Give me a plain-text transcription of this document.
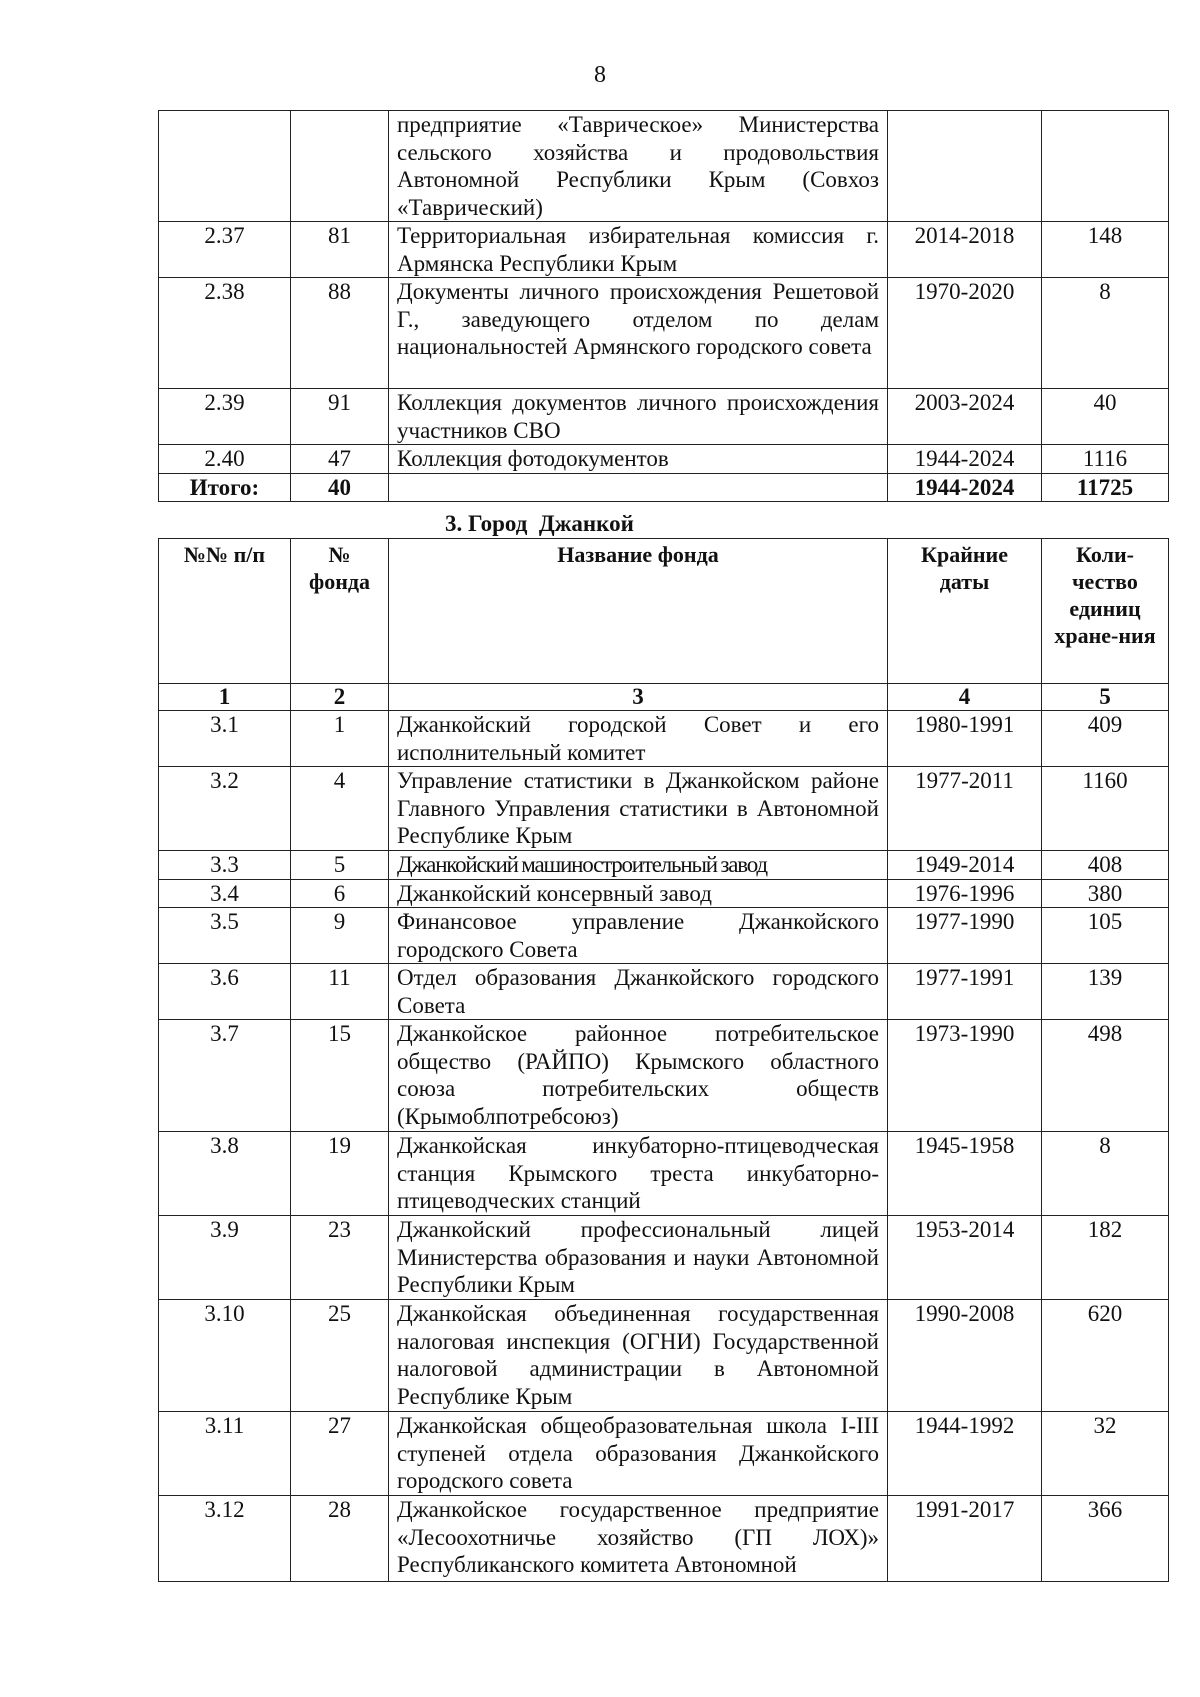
8
		предприятие «Таврическое» Министерства сельского хозяйства и продовольствия Автономной Республики Крым (Совхоз «Таврический)		
2.37	81	Территориальная избирательная комиссия г. Армянска Республики Крым	2014-2018	148
2.38	88	Документы личного происхождения Решетовой Г., заведующего отделом по делам национальностей Армянского городского совета	1970-2020	8
2.39	91	Коллекция документов личного происхождения участников СВО	2003-2024	40
2.40	47	Коллекция фотодокументов	1944-2024	1116
Итого:	40		1944-2024	11725
3. Город  Джанкой
№№ п/п	№ фонда	Название фонда	Крайние даты	Коли-чество единиц хране-ния
1	2	3	4	5
3.1	1	Джанкойский городской Совет и его исполнительный комитет	1980-1991	409
3.2	4	Управление статистики в Джанкойском районе Главного Управления статистики в Автономной Республике Крым	1977-2011	1160
3.3	5	Джанкойский машиностроительный завод	1949-2014	408
3.4	6	Джанкойский консервный завод	1976-1996	380
3.5	9	Финансовое управление Джанкойского городского Совета	1977-1990	105
3.6	11	Отдел образования Джанкойского городского Совета	1977-1991	139
3.7	15	Джанкойское районное потребительское общество (РАЙПО) Крымского областного союза потребительских обществ (Крымоблпотребсоюз)	1973-1990	498
3.8	19	Джанкойская инкубаторно-птицеводческая станция Крымского треста инкубаторно-птицеводческих станций	1945-1958	8
3.9	23	Джанкойский профессиональный лицей Министерства образования и науки Автономной Республики Крым	1953-2014	182
3.10	25	Джанкойская объединенная государственная налоговая инспекция (ОГНИ) Государственной налоговой администрации в Автономной Республике Крым	1990-2008	620
3.11	27	Джанкойская общеобразовательная школа I-III ступеней отдела образования Джанкойского городского совета	1944-1992	32
3.12	28	Джанкойское государственное предприятие «Лесоохотничье хозяйство (ГП ЛОХ)» Республиканского комитета Автономной	1991-2017	366
